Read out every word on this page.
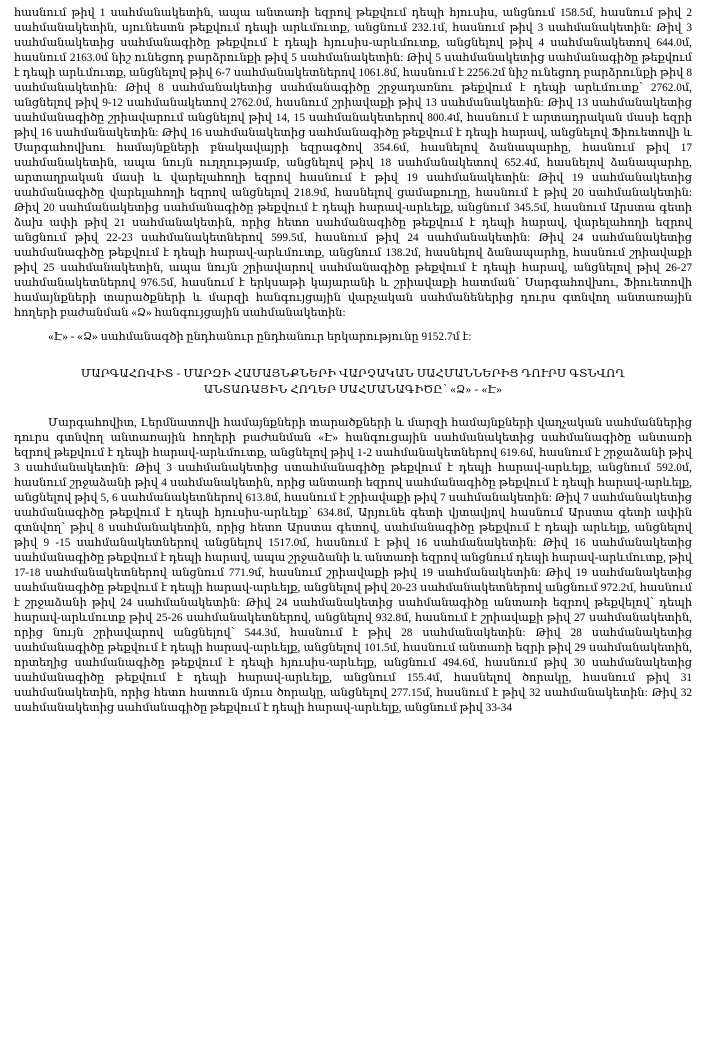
հասնում թիվ 1 սահմանակետին, ապա անտառի եզրով թեքվում դեպի հյուսիս, անցնում 158.5մ, հասնում թիվ 2 սահմանակետին, սյունեստն թեքվում դեպի արևմուտք, անցնում 232.1մ, հասնում թիվ 3 սահմանակետին: Թիվ 3 սահմանակետից սահմանագիծը թեքվում է դեպի հյուսիս-արևմուտք, անցնելով թիվ 4 սահմանակետով 644.0մ, հասնում 2163.0մ նիշ ունեցոդ բարձրունքի թիվ 5 սահմանակետին: Թիվ 5 սահմանակետից սահմանագիծը թեքվում է դեպի արևմուտք, անցնելով թիվ 6-7 սահմանակետներով 1061.8մ, հասնում է 2256.2մ նիշ ունեցոդ բարձրունքի թիվ 8 սահմանակետին: Թիվ 8 սահմանակետից սահմանագիծը շրջադառնու թեքվում է դեպի արևմուտք՝ 2762.0մ, անցնելով թիվ 9-12 սահմանակետով 2762.0մ, հասնում շրիավաքի թիվ 13 սահմանակետին: Թիվ 13 սահմանակետից սահմանագիծը շրիավարում անցնելով թիվ 14, 15 սահմանակետերով 800.4մ, հասնում է արտադրական մասի եզրի թիվ 16 սահմանակետին: Թիվ 16 սահմանակետից սահմանագիծը թեքվում է դեպի հարավ, անցնելով Ֆիուետովի և Սարգահովխու համայնքների բնակավայրի եզրագծով 354.6մ, հասնելով ձանապարհը, հասնում թիվ 17 սահմանակետին, ապա նույն ուղղությամբ, անցնելով թիվ 18 սահմանակետով 652.4մ, հասնելով ձանապարհը, արտաղրական մասի և վարելահողի եզրով հասնում է թիվ 19 սահմանակետին: Թիվ 19 սահմանակետից սահմանագիծը վարելահողի եզրով անցնելով 218.9մ, հասնելով ցամաքուղը, հասնում է թիվ 20 սահմանակետին: Թիվ 20 սահմանակետից սահմանագիծը թեքվում է դեպի հարավ-արևելք, անցնում 345.5մ, հասնում Արստա գետի ձախ ափի թիվ 21 սահմանակետին, որից հետո սահմանագիծը թեքվում է դեպի հարավ, վարելահողի եզրով անցնում թիվ 22-23 սահմանակետներով 599.5մ, հասնում թիվ 24 սահմանակետին: Թիվ 24 սահմանակետից սահմանագիծը թեքվում է դեպի հարավ-արևմուտք, անցնում 138.2մ, հասնելով ձանապարհը, հասնում շրիավաքի թիվ 25 սահմանակետին, ապա նույն շրիավարով սահմանագիծը թեքվում է դեպի հարավ, անցնելով թիվ 26-27 սահմանակետներով 976.5մ, հասնում է երկսաթի կայարանի և շրիավաքի հատման՝ Սարգահովխու, Ֆիուետովի համայնքների տարածքների և մարզի հանգույցային վարչական սահմանեներից դուրս գտնվող անտառային հողերի բաժանման «Ձ» հանգույցային սահմանակետին:

«Է» - «Ձ» սահմանագծի ընդհանուր ընդհանուր երկարությունը 9152.7մ է:

ՄԱՐԳԱՀՈՎԻՏ - ՄԱՐԶԻ ՀԱՄԱՅՆՔՆԵՐԻ ՎԱՐՉԱԿԱՆ ՍԱՀՄԱՆՆԵՐԻՑ ԴՈՒՐՍ ԳՏՆՎՈՂ
ԱՆՏԱՌԱՅԻՆ ՀՈՂԵՐ ՍԱՀՄԱՆԱԳԻԾԸ՝ «Ձ» - «Է»

Մարգահովիտ, Լերմնատովի համայնքների տարածքների և մարզի համայնքների վաղչական սահմաններից դուրս գտնվող անտառային հողերի բաժանման «Է» հանգուցային սահմանակետից սահմանագիծը անտառի եզրով թեքվում է դեպի հարավ-արևմուտք, անցնելով թիվ 1-2 սահմանակետներով 619.6մ, հասնում է շրջաձանի թիվ 3 սահմանակետին: Թիվ 3 սահմանակետից ստահմանագիծը թեքվում է դեպի հարավ-արևելք, անցնում 592.0մ, հասնում շրջաձանի թիվ 4 սահմանակետին, որից անտառի եզրով սահմանագիծը թեքվում է դեպի հարավ-արևելք, անցնելով թիվ 5, 6 սահմանակետներով 613.8մ, հասնում է շրիավաքի թիվ 7 սահմանակետին: Թիվ 7 սահմանակետից սահմանագիծը թեքվում է դեպի հյուսիս-արևելք՝ 634.8մ, Արյունե գետի վյտավյով հասնում Արստա գետի ափին գտնվող՝ թիվ 8 սահմանակետին, որից հետո Արստա գետով, սահմանագիծը թեքվում է դեպի արևելք, անցնելով թիվ 9 -15 սահմանակետներով անցնելով 1517.0մ, հասնում է թիվ 16 սահմանակետին: Թիվ 16 սահմանակետից սահմանագիծը թեքվում է դեպի հարավ, ապա շրջաձանի և անտառի եզրով անցնում դեպի հարավ-արևմուտք, թիվ 17-18 սահմանակետներով անցնում 771.9մ, հասնում շրիավաքի թիվ 19 սահմանակետին: Թիվ 19 սահմանակետից սահմանագիծը թեքվում է դեպի հարավ-արևելք, անցնելով թիվ 20-23 սահմանակետներով անցնում 972.2մ, հասնում է շրջաձանի թիվ 24 սահմանակետին: Թիվ 24 սահմանակետից սահմանագիծը անտառի եզրով թեքվելով՝ դեպի հարավ-արևմուտք թիվ 25-26 սահմանակետներով, անցնելով 932.8մ, հասնում է շրիավաքի թիվ 27 սահմանակետին, որից նույն շրիավարով անցնելով՝ 544.3մ, հասնում է թիվ 28 սահմանակետին: Թիվ 28 սահմանակետից սահմանագիծը թեքվում է դեպի հարավ-արևելք, անցնելով 101.5մ, հասնում անտառի եզրի թիվ 29 սահմանակետին, որտեղից սահմանագիծը թեքվում է դեպի հյուսիս-արևելք, անցնում 494.6մ, հասնում թիվ 30 սահմանակետից սահմանագիծը թեքվում է դեպի հարավ-արևելք, անցնում 155.4մ, հասնելով ծորակը, հասնում թիվ 31 սահմանակետին, որից հետո հատուն մյուս ծորակը, անցնելով 277.15մ, հասնում է թիվ 32 սահմանակետին: Թիվ 32 սահմանակետից սահմանագիծը թեքվում է դեպի հարավ-արևելք, անցնում թիվ 33-34
